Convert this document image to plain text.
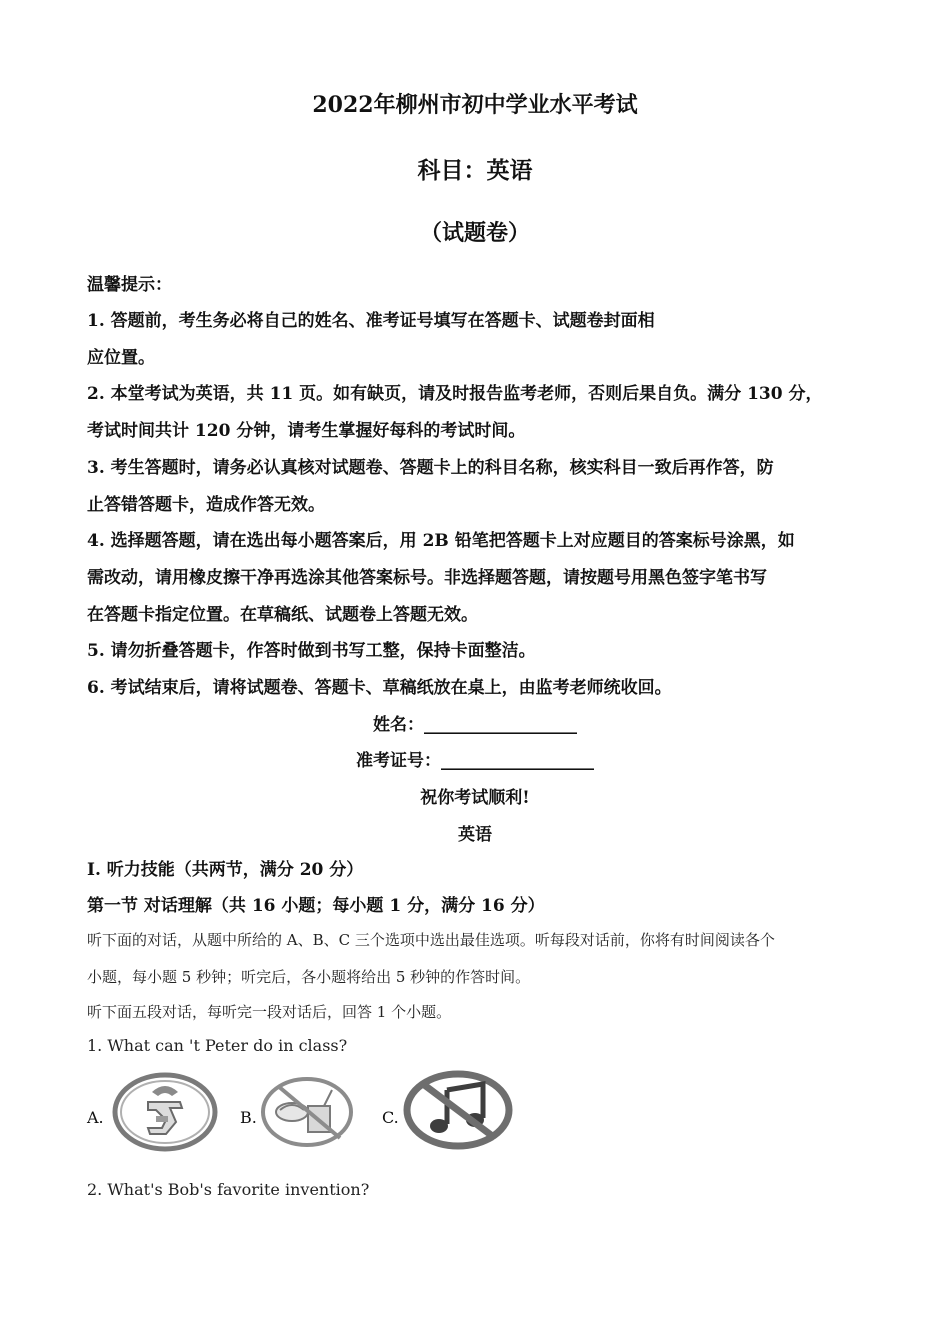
2022年柳州市初中学业水平考试
科目：英语
（试题卷）
温馨提示：
1. 答题前，考生务必将自己的姓名、准考证号填写在答题卡、试题卷封面相
应位置。
2. 本堂考试为英语，共 11 页。如有缺页，请及时报告监考老师，否则后果自负。满分 130 分，
考试时间共计 120 分钟，请考生掌握好每科的考试时间。
3. 考生答题时，请务必认真核对试题卷、答题卡上的科目名称，核实科目一致后再作答，防
止答错答题卡，造成作答无效。
4. 选择题答题，请在选出每小题答案后，用 2B 铅笔把答题卡上对应题目的答案标号涂黑，如
需改动，请用橡皮擦干净再选涂其他答案标号。非选择题答题，请按题号用黑色签字笔书写
在答题卡指定位置。在草稿纸、试题卷上答题无效。
5. 请勿折叠答题卡，作答时做到书写工整，保持卡面整洁。
6. 考试结束后，请将试题卷、答题卡、草稿纸放在桌上，由监考老师统收回。
姓名：__________________
准考证号：__________________
祝你考试顺利!
英语
I. 听力技能（共两节，满分 20 分）
第一节 对话理解（共 16 小题；每小题 1 分，满分 16 分）
听下面的对话，从题中所给的 A、B、C 三个选项中选出最佳选项。听每段对话前，你将有时间阅读各个
小题，每小题 5 秒钟；听完后，各小题将给出 5 秒钟的作答时间。
听下面五段对话，每听完一段对话后，回答 1 个小题。
1. What can 't Peter do in class?
A.	B.	C.
2. What's Bob's favorite invention?
